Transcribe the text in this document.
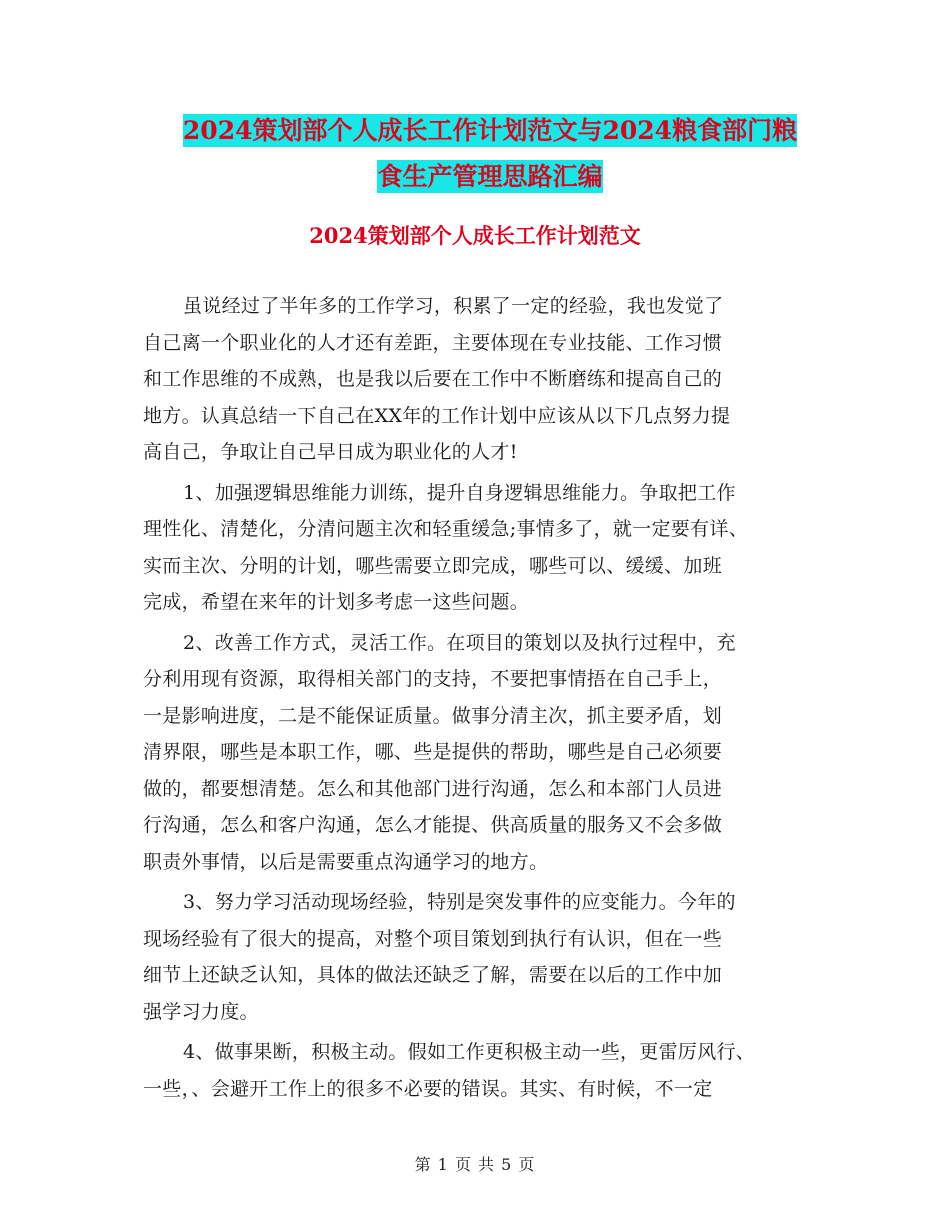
2024策划部个人成长工作计划范文与2024粮食部门粮
食生产管理思路汇编
2024策划部个人成长工作计划范文
虽说经过了半年多的工作学习，积累了一定的经验，我也发觉了
自己离一个职业化的人才还有差距，主要体现在专业技能、工作习惯
和工作思维的不成熟，也是我以后要在工作中不断磨练和提高自己的
地方。认真总结一下自己在XX年的工作计划中应该从以下几点努力提
高自己，争取让自己早日成为职业化的人才!
1、加强逻辑思维能力训练，提升自身逻辑思维能力。争取把工作
理性化、清楚化，分清问题主次和轻重缓急;事情多了，就一定要有详、
实而主次、分明的计划，哪些需要立即完成，哪些可以、缓缓、加班
完成，希望在来年的计划多考虑一这些问题。
2、改善工作方式，灵活工作。在项目的策划以及执行过程中，充
分利用现有资源，取得相关部门的支持，不要把事情捂在自己手上，
一是影响进度，二是不能保证质量。做事分清主次，抓主要矛盾，划
清界限，哪些是本职工作，哪、些是提供的帮助，哪些是自己必须要
做的，都要想清楚。怎么和其他部门进行沟通，怎么和本部门人员进
行沟通，怎么和客户沟通，怎么才能提、供高质量的服务又不会多做
职责外事情，以后是需要重点沟通学习的地方。
3、努力学习活动现场经验，特别是突发事件的应变能力。今年的
现场经验有了很大的提高，对整个项目策划到执行有认识，但在一些
细节上还缺乏认知，具体的做法还缺乏了解，需要在以后的工作中加
强学习力度。
4、做事果断，积极主动。假如工作更积极主动一些，更雷厉风行、
一些，、会避开工作上的很多不必要的错误。其实、有时候，不一定
第 1 页 共 5 页
